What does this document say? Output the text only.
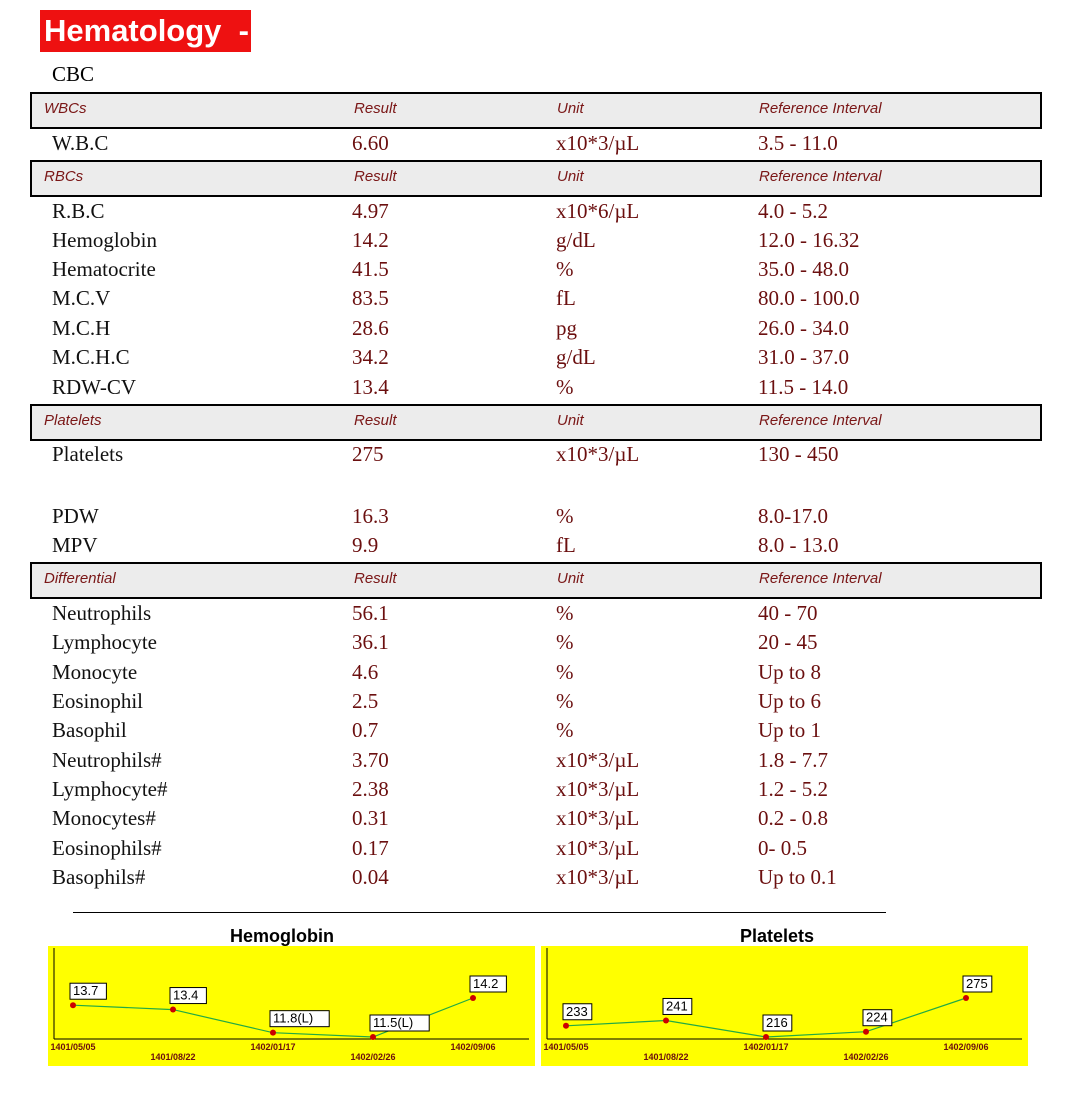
Hematology  -
CBC
WBCs	Result	Unit	Reference Interval
W.B.C	6.60	x10*3/µL	3.5 - 11.0
RBCs	Result	Unit	Reference Interval
R.B.C	4.97	x10*6/µL	4.0 - 5.2
Hemoglobin	14.2	g/dL	12.0 - 16.32
Hematocrite	41.5	%	35.0 - 48.0
M.C.V	83.5	fL	80.0 - 100.0
M.C.H	28.6	pg	26.0 - 34.0
M.C.H.C	34.2	g/dL	31.0 - 37.0
RDW-CV	13.4	%	11.5 - 14.0
Platelets	Result	Unit	Reference Interval
Platelets	275	x10*3/µL	130 - 450
PDW	16.3	%	8.0-17.0
MPV	9.9	fL	8.0 - 13.0
Differential	Result	Unit	Reference Interval
Neutrophils	56.1	%	40 - 70
Lymphocyte	36.1	%	20 - 45
Monocyte	4.6	%	Up to 8
Eosinophil	2.5	%	Up to 6
Basophil	0.7	%	Up to 1
Neutrophils#	3.70	x10*3/µL	1.8 - 7.7
Lymphocyte#	2.38	x10*3/µL	1.2 - 5.2
Monocytes#	0.31	x10*3/µL	0.2 - 0.8
Eosinophils#	0.17	x10*3/µL	0- 0.5
Basophils#	0.04	x10*3/µL	Up to 0.1
Hemoglobin	Platelets
13.7	13.4
11.8(L)	11.5(L)
14.2
1401/05/05
1401/08/22
1402/01/17
1402/02/26
1402/09/06
233	241
216	224
275
1401/05/05
1401/08/22
1402/01/17
1402/02/26
1402/09/06
